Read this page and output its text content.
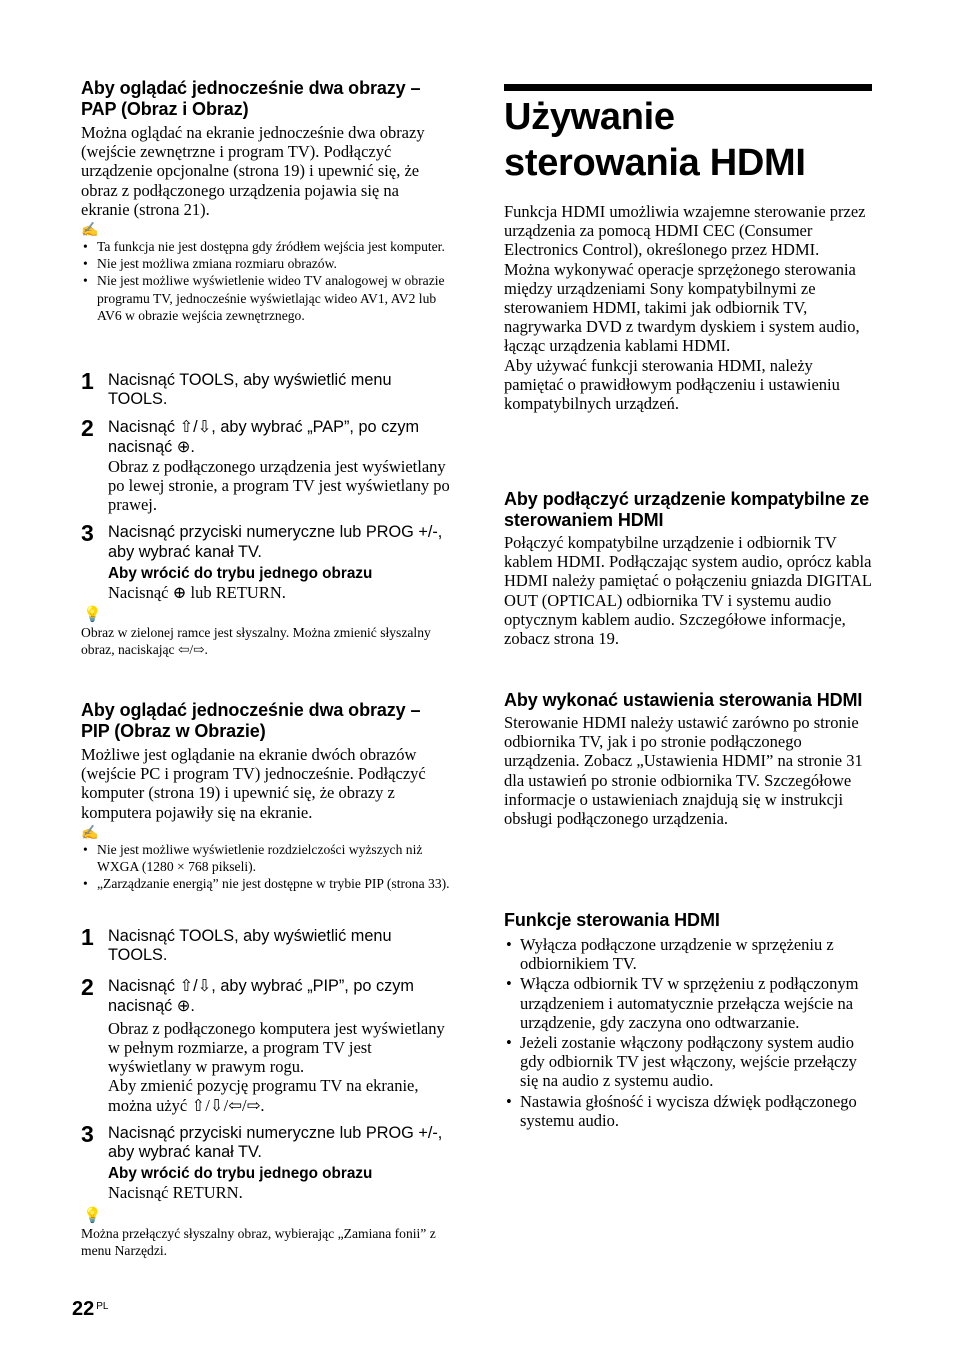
Aby oglądać jednocześnie dwa obrazy – PAP (Obraz i Obraz)

Można oglądać na ekranie jednocześnie dwa obrazy (wejście zewnętrzne i program TV). Podłączyć urządzenie opcjonalne (strona 19) i upewnić się, że obraz z podłączonego urządzenia pojawia się na ekranie (strona 21).

✍
• Ta funkcja nie jest dostępna gdy źródłem wejścia jest komputer.
• Nie jest możliwa zmiana rozmiaru obrazów.
• Nie jest możliwe wyświetlenie wideo TV analogowej w obrazie programu TV, jednocześnie wyświetlając wideo AV1, AV2 lub AV6 w obrazie wejścia zewnętrznego.
1 Nacisnąć TOOLS, aby wyświetlić menu TOOLS.

2 Nacisnąć ⇧/⇩, aby wybrać „PAP”, po czym nacisnąć ⊕.

Obraz z podłączonego urządzenia jest wyświetlany po lewej stronie, a program TV jest wyświetlany po prawej.

3 Nacisnąć przyciski numeryczne lub PROG +/-, aby wybrać kanał TV.

Aby wrócić do trybu jednego obrazu

Nacisnąć ⊕ lub RETURN.

💡

Obraz w zielonej ramce jest słyszalny. Można zmienić słyszalny obraz, naciskając ⇦/⇨.

Aby oglądać jednocześnie dwa obrazy – PIP (Obraz w Obrazie)

Możliwe jest oglądanie na ekranie dwóch obrazów (wejście PC i program TV) jednocześnie. Podłączyć komputer (strona 19) i upewnić się, że obrazy z komputera pojawiły się na ekranie.

✍
• Nie jest możliwe wyświetlenie rozdzielczości wyższych niż WXGA (1280 × 768 pikseli).
• „Zarządzanie energią” nie jest dostępne w trybie PIP (strona 33).
1 Nacisnąć TOOLS, aby wyświetlić menu TOOLS.

2 Nacisnąć ⇧/⇩, aby wybrać „PIP”, po czym nacisnąć ⊕.

Obraz z podłączonego komputera jest wyświetlany w pełnym rozmiarze, a program TV jest wyświetlany w prawym rogu.

Aby zmienić pozycję programu TV na ekranie, można użyć ⇧/⇩/⇦/⇨.

3 Nacisnąć przyciski numeryczne lub PROG +/-, aby wybrać kanał TV.

Aby wrócić do trybu jednego obrazu

Nacisnąć RETURN.

💡

Można przełączyć słyszalny obraz, wybierając „Zamiana fonii” z menu Narzędzi.

Używanie
sterowania HDMI

Funkcja HDMI umożliwia wzajemne sterowanie przez urządzenia za pomocą HDMI CEC (Consumer Electronics Control), określonego przez HDMI.

Można wykonywać operacje sprzężonego sterowania między urządzeniami Sony kompatybilnymi ze sterowaniem HDMI, takimi jak odbiornik TV, nagrywarka DVD z twardym dyskiem i system audio, łącząc urządzenia kablami HDMI.

Aby używać funkcji sterowania HDMI, należy pamiętać o prawidłowym podłączeniu i ustawieniu kompatybilnych urządzeń.

Aby podłączyć urządzenie kompatybilne ze sterowaniem HDMI

Połączyć kompatybilne urządzenie i odbiornik TV kablem HDMI. Podłączając system audio, oprócz kabla HDMI należy pamiętać o połączeniu gniazda DIGITAL OUT (OPTICAL) odbiornika TV i systemu audio optycznym kablem audio. Szczegółowe informacje, zobacz strona 19.

Aby wykonać ustawienia sterowania HDMI

Sterowanie HDMI należy ustawić zarówno po stronie odbiornika TV, jak i po stronie podłączonego urządzenia. Zobacz „Ustawienia HDMI” na stronie 31 dla ustawień po stronie odbiornika TV. Szczegółowe informacje o ustawieniach znajdują się w instrukcji obsługi podłączonego urządzenia.

Funkcje sterowania HDMI
• Wyłącza podłączone urządzenie w sprzężeniu z odbiornikiem TV.
• Włącza odbiornik TV w sprzężeniu z podłączonym urządzeniem i automatycznie przełącza wejście na urządzenie, gdy zaczyna ono odtwarzanie.
• Jeżeli zostanie włączony podłączony system audio gdy odbiornik TV jest włączony, wejście przełączy się na audio z systemu audio.
• Nastawia głośność i wycisza dźwięk podłączonego systemu audio.
22 $^{PL}$
